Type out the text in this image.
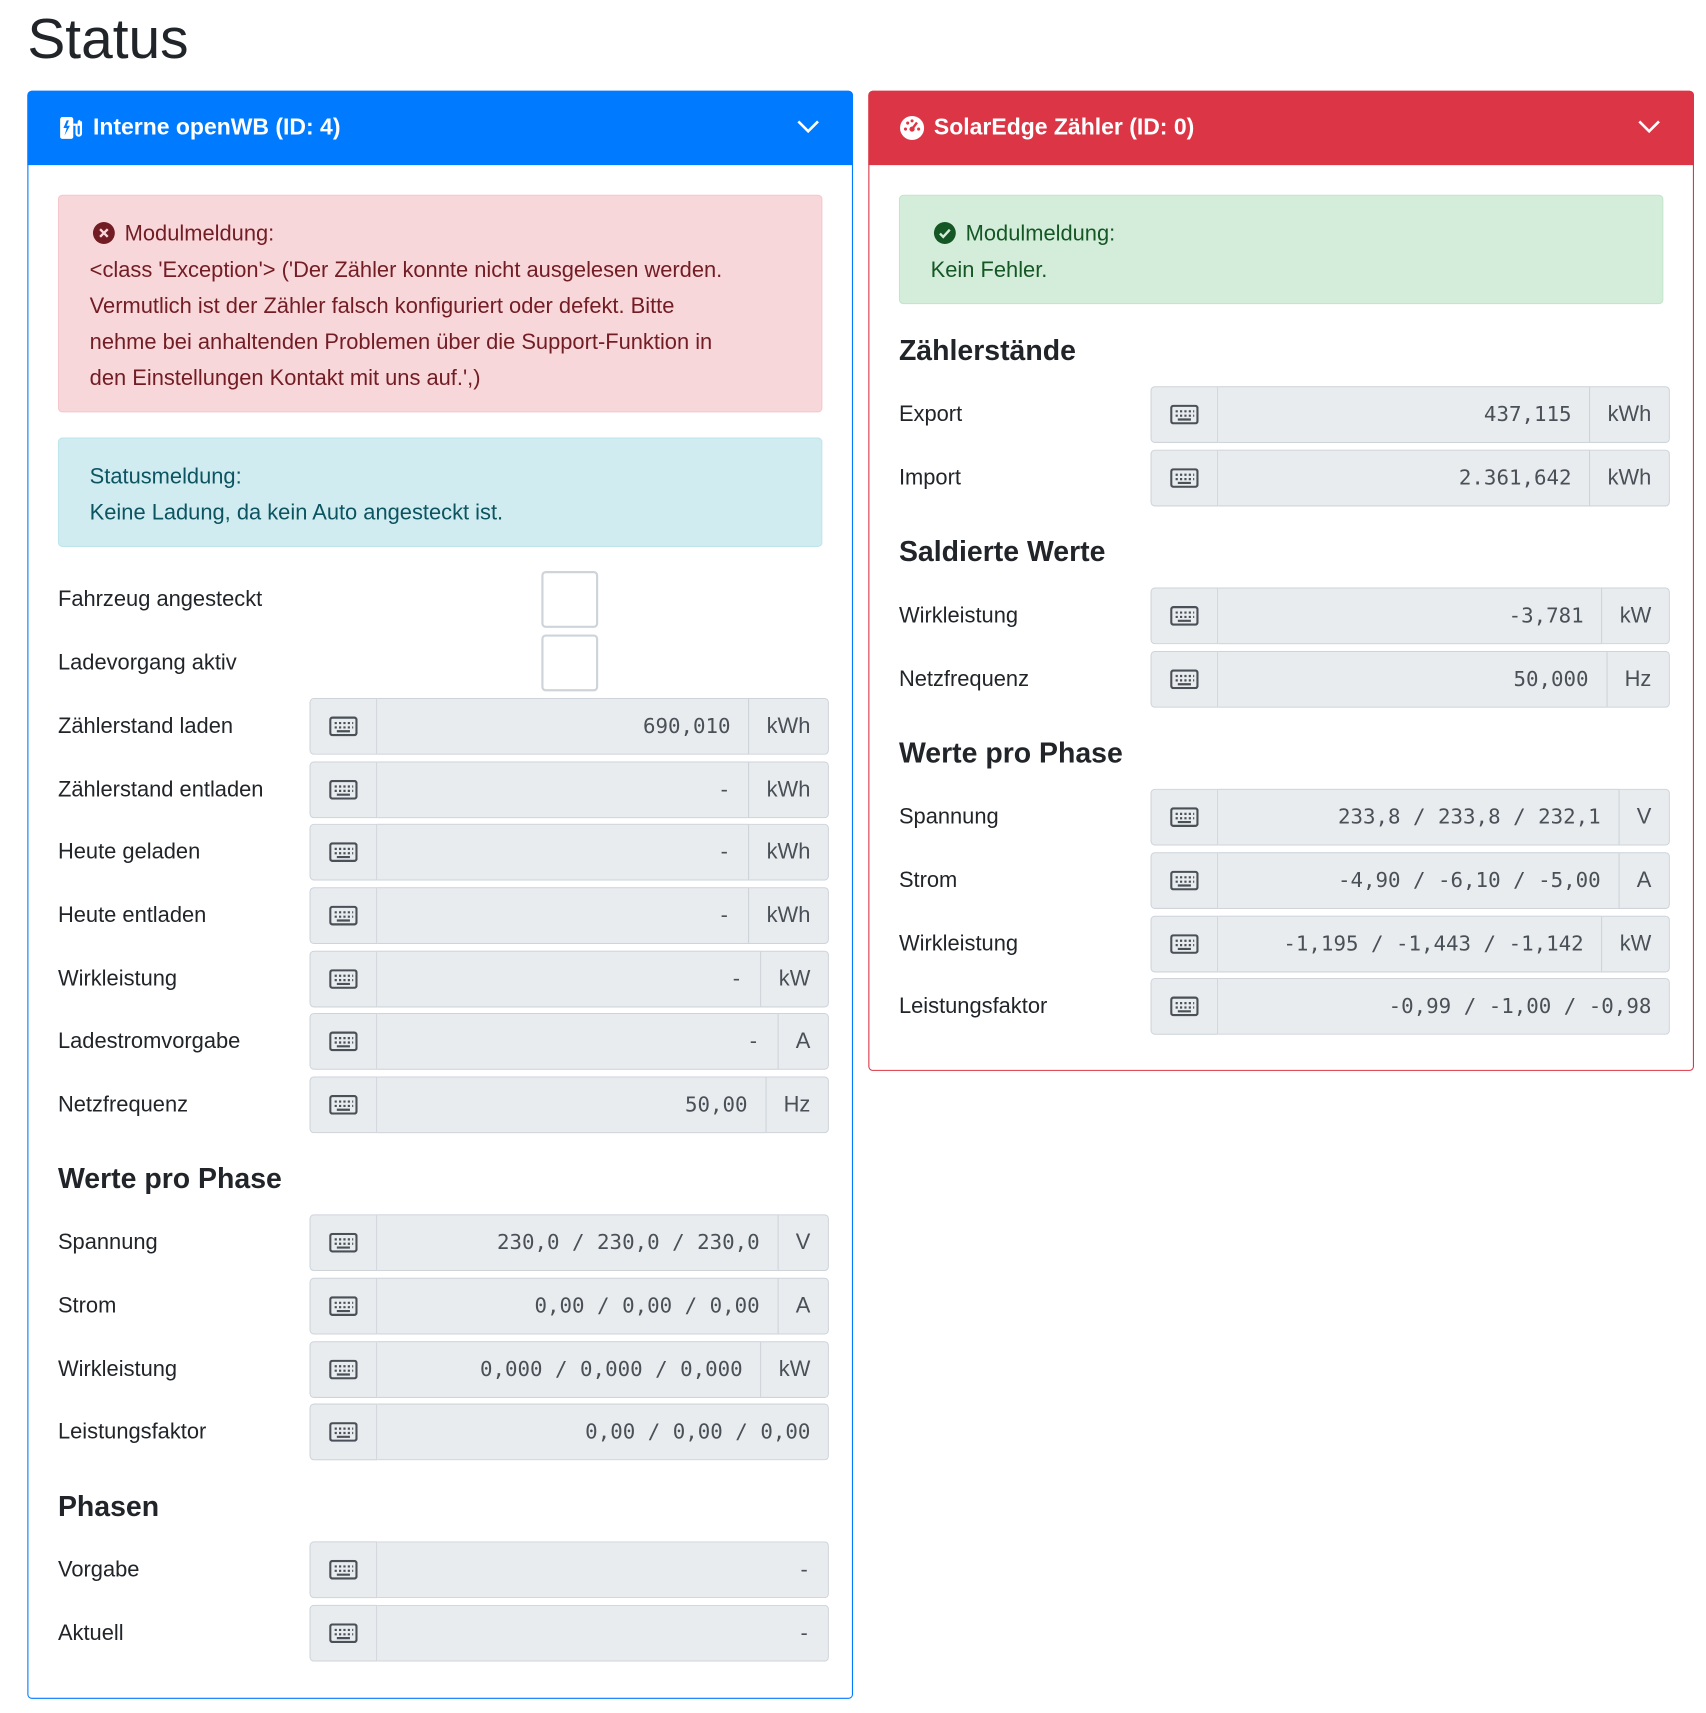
Status
Interne openWB (ID: 4)
Modulmeldung:
<class 'Exception'> ('Der Zähler konnte nicht ausgelesen werden.
Vermutlich ist der Zähler falsch konfiguriert oder defekt. Bitte
nehme bei anhaltenden Problemen über die Support-Funktion in
den Einstellungen Kontakt mit uns auf.',)
Statusmeldung:
Keine Ladung, da kein Auto angesteckt ist.
Fahrzeug angesteckt
Ladevorgang aktiv
Zählerstand laden	690,010	kWh
Zählerstand entladen	-	kWh
Heute geladen	-	kWh
Heute entladen	-	kWh
Wirkleistung	-	kW
Ladestromvorgabe	-	A
Netzfrequenz	50,00	Hz
Werte pro Phase
Spannung	230,0 / 230,0 / 230,0	V
Strom	0,00 / 0,00 / 0,00	A
Wirkleistung	0,000 / 0,000 / 0,000	kW
Leistungsfaktor	0,00 / 0,00 / 0,00
Phasen
Vorgabe	-
Aktuell	-
SolarEdge Zähler (ID: 0)
Modulmeldung:
Kein Fehler.
Zählerstände
Export	437,115	kWh
Import	2.361,642	kWh
Saldierte Werte
Wirkleistung	-3,781	kW
Netzfrequenz	50,000	Hz
Werte pro Phase
Spannung	233,8 / 233,8 / 232,1	V
Strom	-4,90 / -6,10 / -5,00	A
Wirkleistung	-1,195 / -1,443 / -1,142	kW
Leistungsfaktor	-0,99 / -1,00 / -0,98
